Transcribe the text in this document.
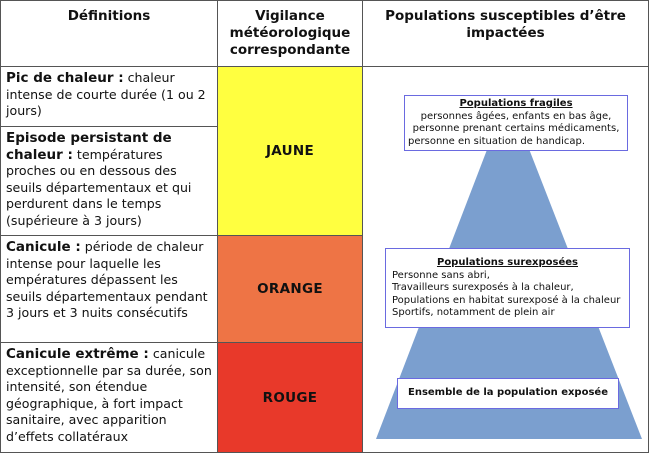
Définitions	Vigilance météorologique correspondante
Populations susceptibles d’être impactées
Pic de chaleur : chaleur intense de courte durée (1 ou 2 jours)
Episode persistant de chaleur : températures proches ou en dessous des seuils départementaux et qui perdurent dans le temps (supérieure à 3 jours)
Canicule : période de chaleur intense pour laquelle les empératures dépassent les seuils départementaux pendant 3 jours et 3 nuits consécutifs
Canicule extrême : canicule exceptionnelle par sa durée, son intensité, son étendue géographique, à fort impact sanitaire, avec apparition d’effets collatéraux
JAUNE
ORANGE
ROUGE
Populations fragiles
personnes âgées, enfants en bas âge,
personne prenant certains médicaments,
personne en situation de handicap.
Populations surexposées
Personne sans abri,
Travailleurs surexposés à la chaleur,
Populations en habitat surexposé à la chaleur
Sportifs, notamment de plein air
Ensemble de la population exposée
